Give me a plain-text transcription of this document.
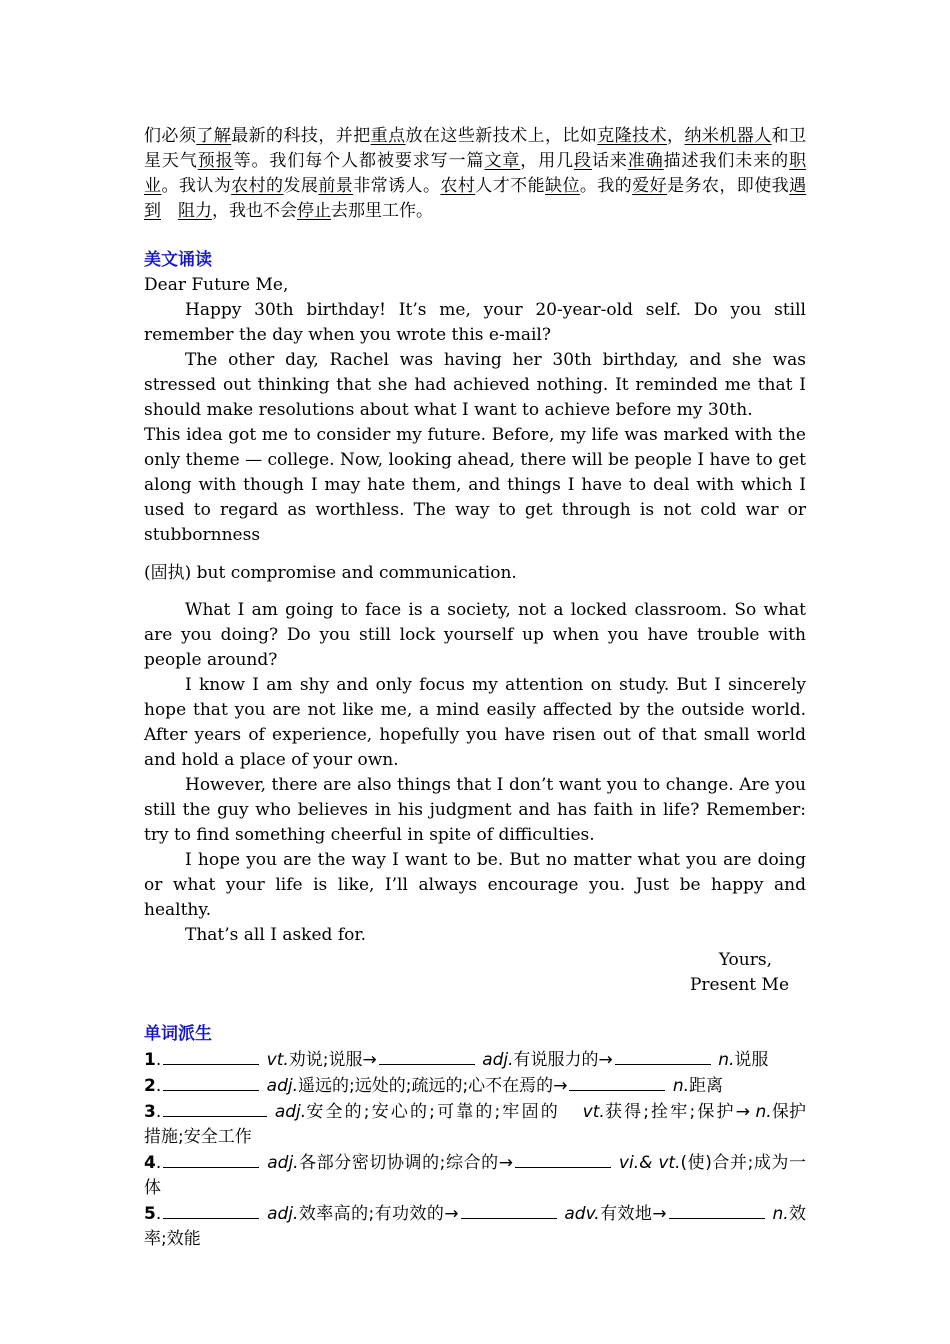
们必须了解最新的科技，并把重点放在这些新技术上，比如克隆技术，纳米机器人和卫星天气预报等。我们每个人都被要求写一篇文章，用几段话来准确描述我们未来的职业。我认为农村的发展前景非常诱人。农村人才不能缺位。我的爱好是务农，即使我遇到　 阻力，我也不会停止去那里工作。

美文诵读

Dear Future Me,

Happy 30th birthday! It’s me, your 20-year-old self. Do you still remember the day when you wrote this e-mail?

The other day, Rachel was having her 30th birthday, and she was stressed out thinking that she had achieved nothing. It reminded me that I should make resolutions about what I want to achieve before my 30th.

This idea got me to consider my future. Before, my life was marked with the only theme — college. Now, looking ahead, there will be people I have to get along with though I may hate them, and things I have to deal with which I used to regard as worthless. The way to get through is not cold war or stubbornness

(固执) but compromise and communication.

What I am going to face is a society, not a locked classroom. So what are you doing? Do you still lock yourself up when you have trouble with people around?

I know I am shy and only focus my attention on study. But I sincerely hope that you are not like me, a mind easily affected by the outside world. After years of experience, hopefully you have risen out of that small world and hold a place of your own.

However, there are also things that I don’t want you to change. Are you still the guy who believes in his judgment and has faith in life? Remember: try to find something cheerful in spite of difficulties.

I hope you are the way I want to be. But no matter what you are doing or what your life is like, I’ll always encourage you. Just be happy and healthy.

That’s all I asked for.

Yours,

Present Me

单词派生

1.	vt.劝说;说服→	adj.有说服力的→	n.说服

2.	adj.遥远的;远处的;疏远的;心不在焉的→	n.距离

3.	adj.安全的;安心的;可靠的;牢固的　 vt.获得;拴牢;保护→ n.保护措施;安全工作

4.	adj.各部分密切协调的;综合的→	vi.& vt.(使)合并;成为一体

5.	adj.效率高的;有功效的→	adv.有效地→	n.效率;效能
